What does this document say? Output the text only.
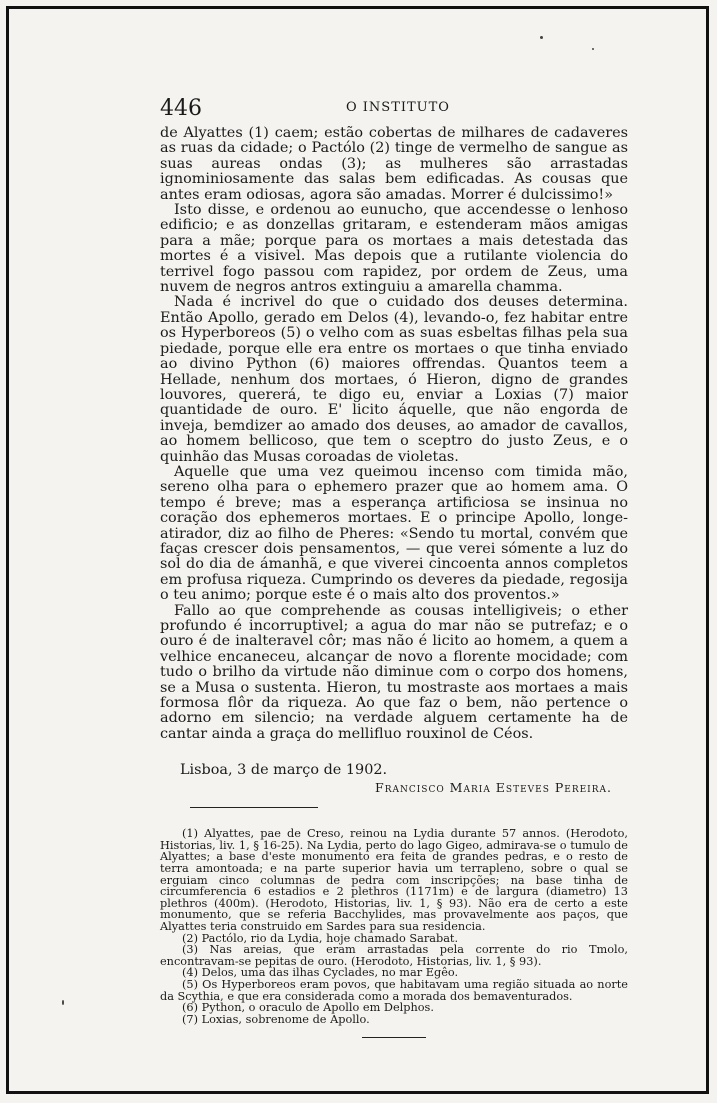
446	O INSTITUTO

de Alyattes (1) caem; estão cobertas de milhares de cadaveres as ruas da cidade; o Pactólo (2) tinge de vermelho de sangue as suas aureas ondas (3); as mulheres são arrastadas ignominiosamente das salas bem edificadas. As cousas que antes eram odiosas, agora são amadas. Morrer é dulcissimo!»

Isto disse, e ordenou ao eunucho, que accendesse o lenhoso edificio; e as donzellas gritaram, e estenderam mãos amigas para a mãe; porque para os mortaes a mais detestada das mortes é a visivel. Mas depois que a rutilante violencia do terrivel fogo passou com rapidez, por ordem de Zeus, uma nuvem de negros antros extinguiu a amarella chamma.

Nada é incrivel do que o cuidado dos deuses determina. Então Apollo, gerado em Delos (4), levando-o, fez habitar entre os Hyperboreos (5) o velho com as suas esbeltas filhas pela sua piedade, porque elle era entre os mortaes o que tinha enviado ao divino Python (6) maiores offrendas. Quantos teem a Hellade, nenhum dos mortaes, ó Hieron, digno de grandes louvores, quererá, te digo eu, enviar a Loxias (7) maior quantidade de ouro. E' licito áquelle, que não engorda de inveja, bemdizer ao amado dos deuses, ao amador de cavallos, ao homem bellicoso, que tem o sceptro do justo Zeus, e o quinhão das Musas coroadas de violetas.

Aquelle que uma vez queimou incenso com timida mão, sereno olha para o ephemero prazer que ao homem ama. O tempo é breve; mas a esperança artificiosa se insinua no coração dos ephemeros mortaes. E o principe Apollo, longe-atirador, diz ao filho de Pheres: «Sendo tu mortal, convém que faças crescer dois pensamentos, — que verei sómente a luz do sol do dia de ámanhã, e que viverei cincoenta annos completos em profusa riqueza. Cumprindo os deveres da piedade, regosija o teu animo; porque este é o mais alto dos proventos.»

Fallo ao que comprehende as cousas intelligiveis; o ether profundo é incorruptivel; a agua do mar não se putrefaz; e o ouro é de inalteravel côr; mas não é licito ao homem, a quem a velhice encaneceu, alcançar de novo a florente mocidade; com tudo o brilho da virtude não diminue com o corpo dos homens, se a Musa o sustenta. Hieron, tu mostraste aos mortaes a mais formosa flôr da riqueza. Ao que faz o bem, não pertence o adorno em silencio; na verdade alguem certamente ha de cantar ainda a graça do mellifluo rouxinol de Céos.

Lisboa, 3 de março de 1902.
Francisco Maria Esteves Pereira.

(1) Alyattes, pae de Creso, reinou na Lydia durante 57 annos. (Herodoto, Historias, liv. 1, § 16-25). Na Lydia, perto do lago Gigeo, admirava-se o tumulo de Alyattes; a base d'este monumento era feita de grandes pedras, e o resto de terra amontoada; e na parte superior havia um terrapleno, sobre o qual se erguiam cinco columnas de pedra com inscripções; na base tinha de circumferencia 6 estadios e 2 plethros (1171m) e de largura (diametro) 13 plethros (400m). (Herodoto, Historias, liv. 1, § 93). Não era de certo a este monumento, que se referia Bacchylides, mas provavelmente aos paços, que Alyattes teria construido em Sardes para sua residencia.

(2) Pactólo, rio da Lydia, hoje chamado Sarabat.

(3) Nas areias, que eram arrastadas pela corrente do rio Tmolo, encontravam-se pepitas de ouro. (Herodoto, Historias, liv. 1, § 93).

(4) Delos, uma das ilhas Cyclades, no mar Egêo.

(5) Os Hyperboreos eram povos, que habitavam uma região situada ao norte da Scythia, e que era considerada como a morada dos bemaventurados.

(6) Python, o oraculo de Apollo em Delphos.

(7) Loxias, sobrenome de Apollo.
